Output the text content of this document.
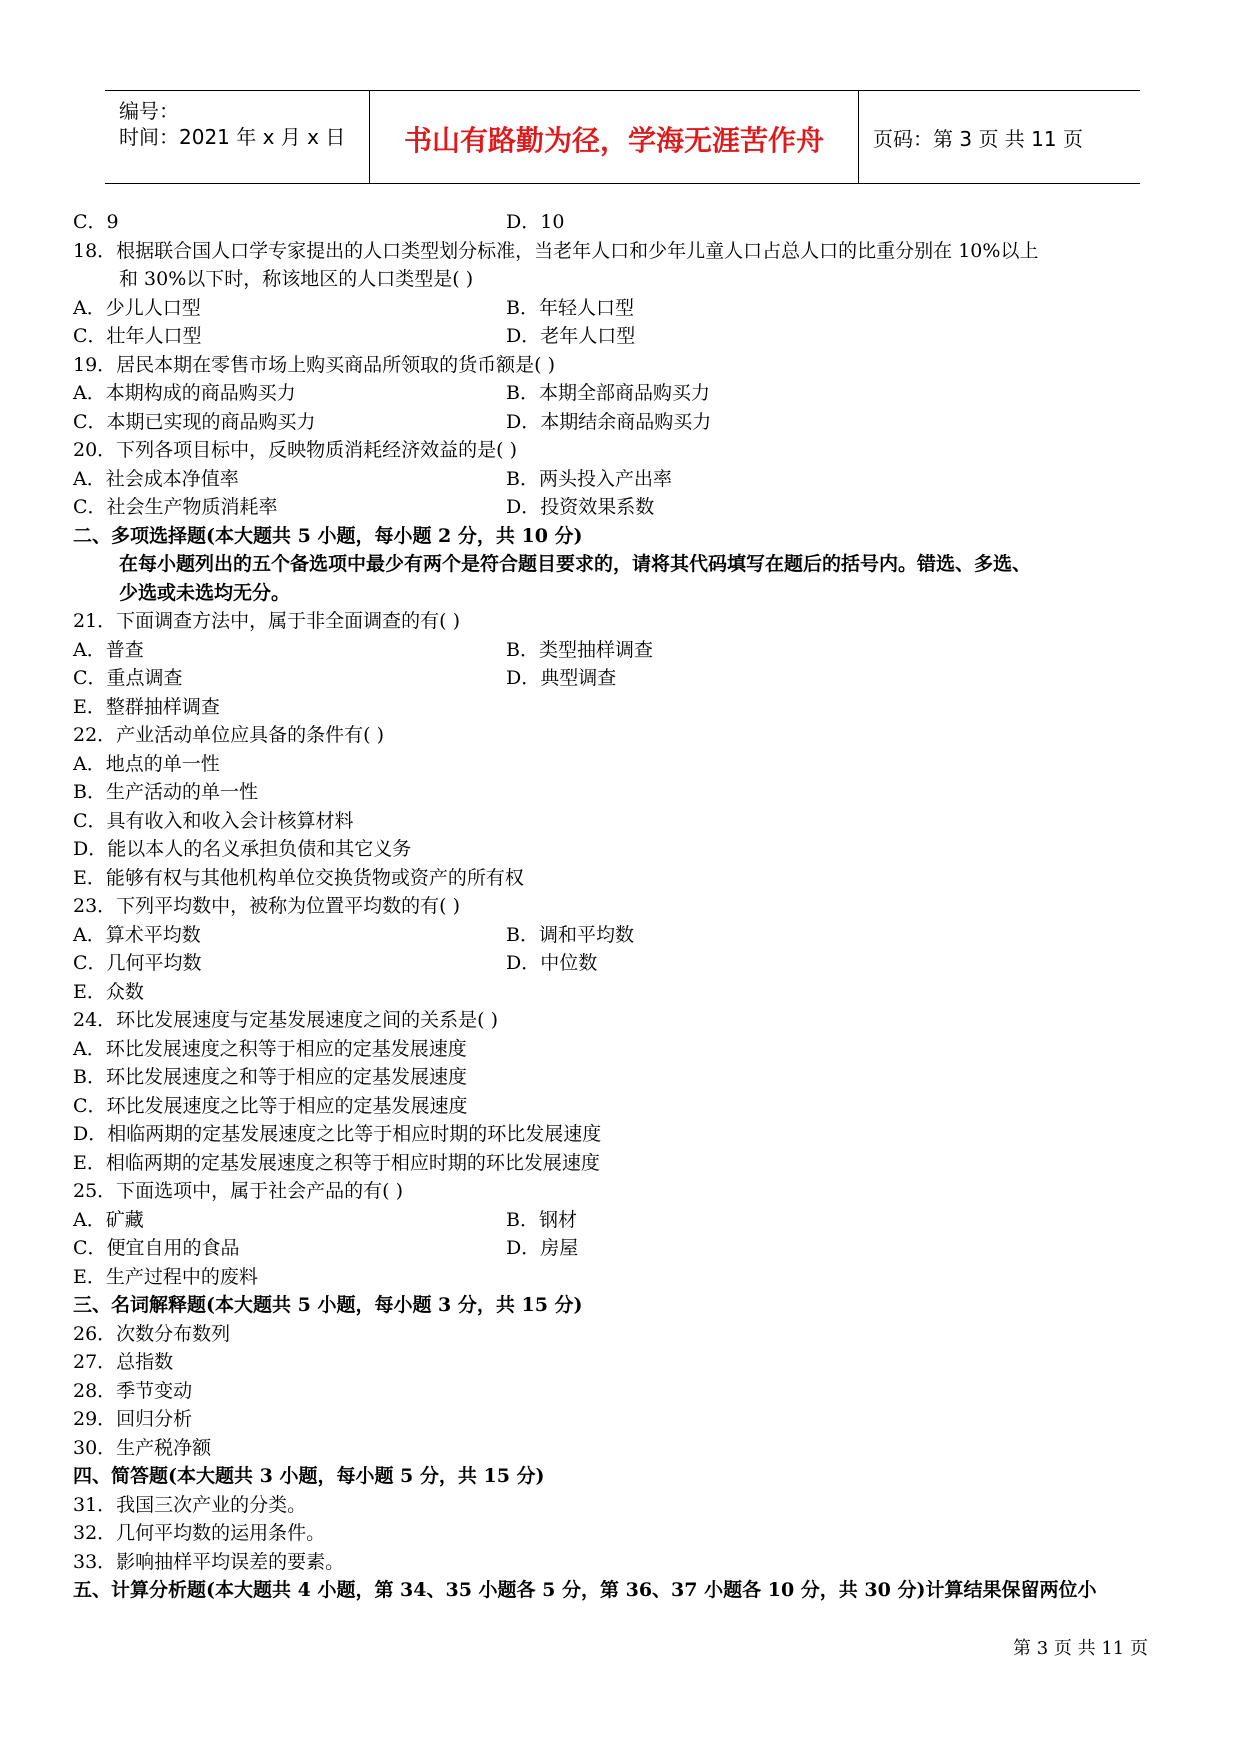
编号：
时间：2021 年 x 月 x 日	书山有路勤为径，学海无涯苦作舟	页码：第 3 页 共 11 页
C．9	D．10
18．根据联合国人口学专家提出的人口类型划分标准，当老年人口和少年儿童人口占总人口的比重分别在 10%以上
和 30%以下时，称该地区的人口类型是( )
A．少儿人口型	B．年轻人口型
C．壮年人口型	D．老年人口型
19．居民本期在零售市场上购买商品所领取的货币额是( )
A．本期构成的商品购买力	B．本期全部商品购买力
C．本期已实现的商品购买力	D．本期结余商品购买力
20．下列各项目标中，反映物质消耗经济效益的是( )
A．社会成本净值率	B．两头投入产出率
C．社会生产物质消耗率	D．投资效果系数
二、多项选择题(本大题共 5 小题，每小题 2 分，共 10 分)
在每小题列出的五个备选项中最少有两个是符合题目要求的，请将其代码填写在题后的括号内。错选、多选、
少选或未选均无分。
21．下面调查方法中，属于非全面调查的有( )
A．普查	B．类型抽样调查
C．重点调查	D．典型调查
E．整群抽样调查
22．产业活动单位应具备的条件有( )
A．地点的单一性
B．生产活动的单一性
C．具有收入和收入会计核算材料
D．能以本人的名义承担负债和其它义务
E．能够有权与其他机构单位交换货物或资产的所有权
23．下列平均数中，被称为位置平均数的有( )
A．算术平均数	B．调和平均数
C．几何平均数	D．中位数
E．众数
24．环比发展速度与定基发展速度之间的关系是( )
A．环比发展速度之积等于相应的定基发展速度
B．环比发展速度之和等于相应的定基发展速度
C．环比发展速度之比等于相应的定基发展速度
D．相临两期的定基发展速度之比等于相应时期的环比发展速度
E．相临两期的定基发展速度之积等于相应时期的环比发展速度
25．下面选项中，属于社会产品的有( )
A．矿藏	B．钢材
C．便宜自用的食品	D．房屋
E．生产过程中的废料
三、名词解释题(本大题共 5 小题，每小题 3 分，共 15 分)
26．次数分布数列
27．总指数
28．季节变动
29．回归分析
30．生产税净额
四、简答题(本大题共 3 小题，每小题 5 分，共 15 分)
31．我国三次产业的分类。
32．几何平均数的运用条件。
33．影响抽样平均误差的要素。
五、计算分析题(本大题共 4 小题，第 34、35 小题各 5 分，第 36、37 小题各 10 分，共 30 分)计算结果保留两位小
第 3 页 共 11 页
